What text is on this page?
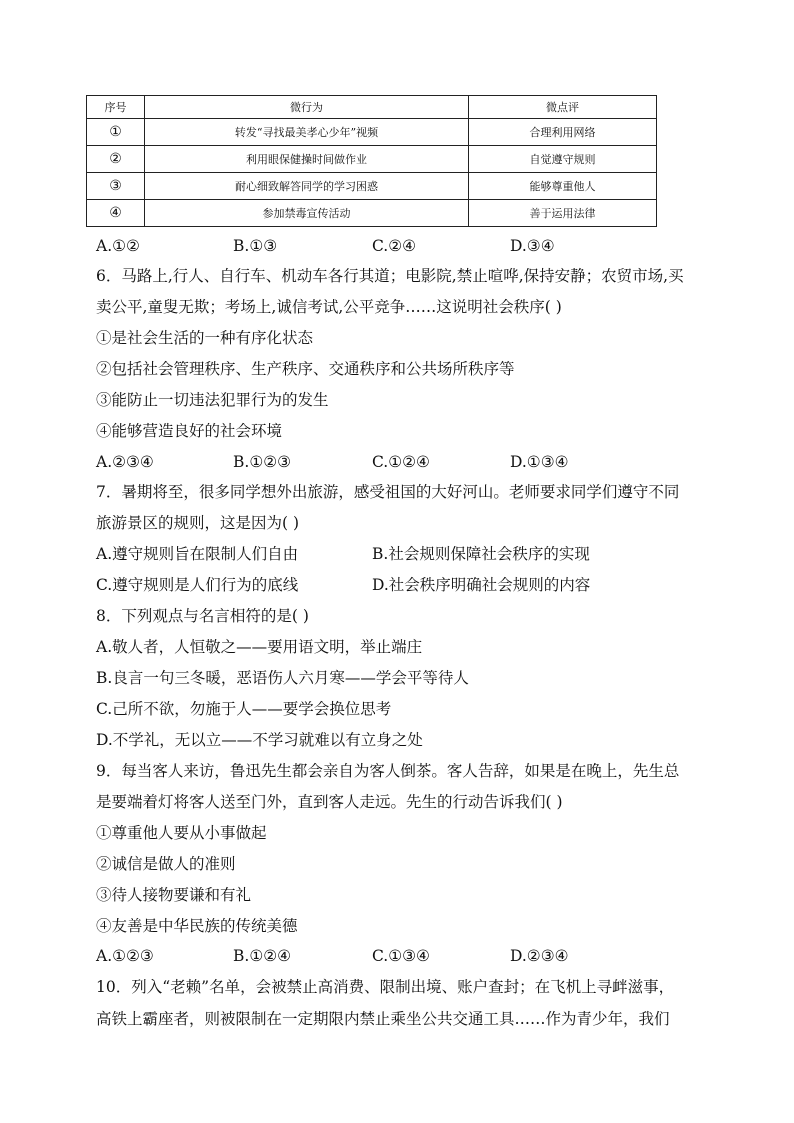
序号	微行为	微点评
①	转发“寻找最美孝心少年”视频	合理利用网络
②	利用眼保健操时间做作业	自觉遵守规则
③	耐心细致解答同学的学习困惑	能够尊重他人
④	参加禁毒宣传活动	善于运用法律
A.①②	B.①③	C.②④	D.③④
6．马路上,行人、自行车、机动车各行其道；电影院,禁止喧哗,保持安静；农贸市场,买
卖公平,童叟无欺；考场上,诚信考试,公平竞争……这说明社会秩序( )
①是社会生活的一种有序化状态
②包括社会管理秩序、生产秩序、交通秩序和公共场所秩序等
③能防止一切违法犯罪行为的发生
④能够营造良好的社会环境
A.②③④	B.①②③	C.①②④	D.①③④
7．暑期将至，很多同学想外出旅游，感受祖国的大好河山。老师要求同学们遵守不同
旅游景区的规则，这是因为( )
A.遵守规则旨在限制人们自由	B.社会规则保障社会秩序的实现
C.遵守规则是人们行为的底线	D.社会秩序明确社会规则的内容
8．下列观点与名言相符的是( )
A.敬人者，人恒敬之——要用语文明，举止端庄
B.良言一句三冬暖，恶语伤人六月寒——学会平等待人
C.己所不欲，勿施于人——要学会换位思考
D.不学礼，无以立——不学习就难以有立身之处
9．每当客人来访，鲁迅先生都会亲自为客人倒茶。客人告辞，如果是在晚上，先生总
是要端着灯将客人送至门外，直到客人走远。先生的行动告诉我们( )
①尊重他人要从小事做起
②诚信是做人的准则
③待人接物要谦和有礼
④友善是中华民族的传统美德
A.①②③	B.①②④	C.①③④	D.②③④
10．列入“老赖”名单，会被禁止高消费、限制出境、账户查封；在飞机上寻衅滋事，
高铁上霸座者，则被限制在一定期限内禁止乘坐公共交通工具……作为青少年，我们
